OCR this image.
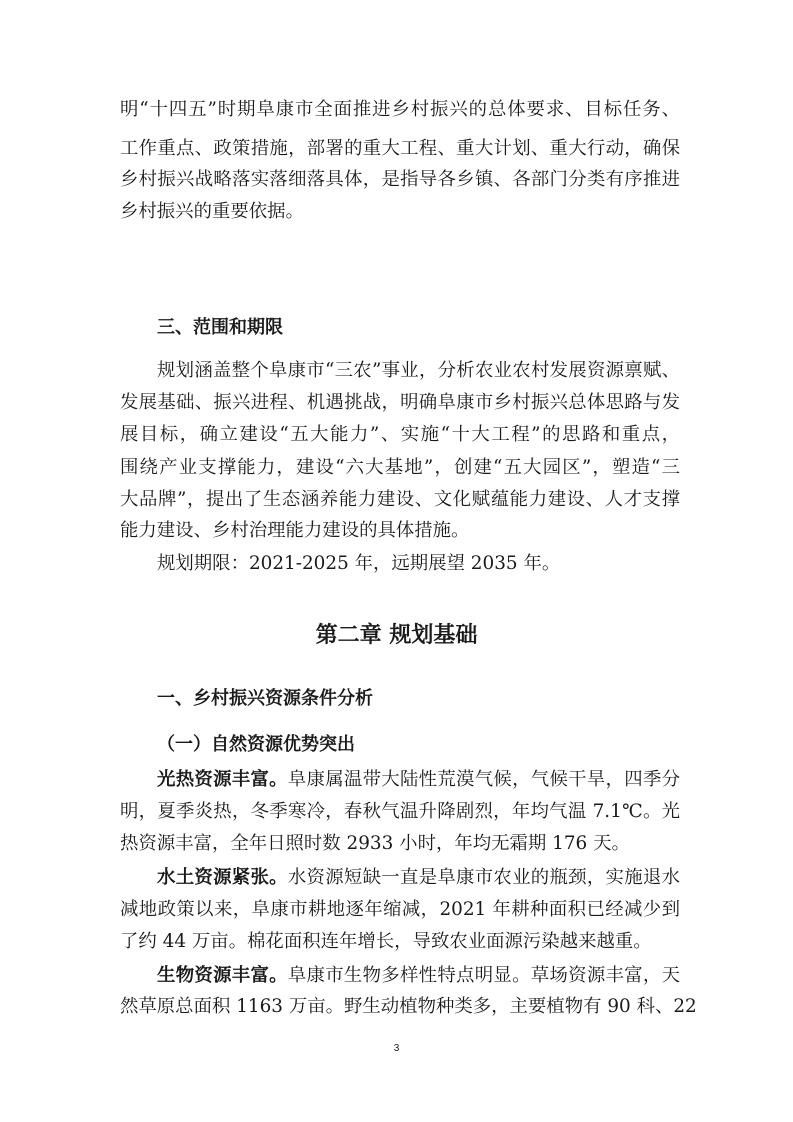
明“十四五”时期阜康市全面推进乡村振兴的总体要求、目标任务、
工作重点、政策措施，部署的重大工程、重大计划、重大行动，确保
乡村振兴战略落实落细落具体，是指导各乡镇、各部门分类有序推进
乡村振兴的重要依据。
三、范围和期限
规划涵盖整个阜康市“三农”事业，分析农业农村发展资源禀赋、
发展基础、振兴进程、机遇挑战，明确阜康市乡村振兴总体思路与发
展目标，确立建设“五大能力”、实施“十大工程”的思路和重点，
围绕产业支撑能力，建设“六大基地”，创建“五大园区”，塑造“三
大品牌”，提出了生态涵养能力建设、文化赋蕴能力建设、人才支撑
能力建设、乡村治理能力建设的具体措施。
规划期限：2021-2025 年，远期展望 2035 年。
第二章 规划基础
一、乡村振兴资源条件分析
（一）自然资源优势突出
光热资源丰富。阜康属温带大陆性荒漠气候，气候干旱，四季分
明，夏季炎热，冬季寒冷，春秋气温升降剧烈，年均气温 7.1℃。光
热资源丰富，全年日照时数 2933 小时，年均无霜期 176 天。
水土资源紧张。水资源短缺一直是阜康市农业的瓶颈，实施退水
减地政策以来，阜康市耕地逐年缩减，2021 年耕种面积已经减少到
了约 44 万亩。棉花面积连年增长，导致农业面源污染越来越重。
生物资源丰富。阜康市生物多样性特点明显。草场资源丰富，天
然草原总面积 1163 万亩。野生动植物种类多，主要植物有 90 科、22
3
